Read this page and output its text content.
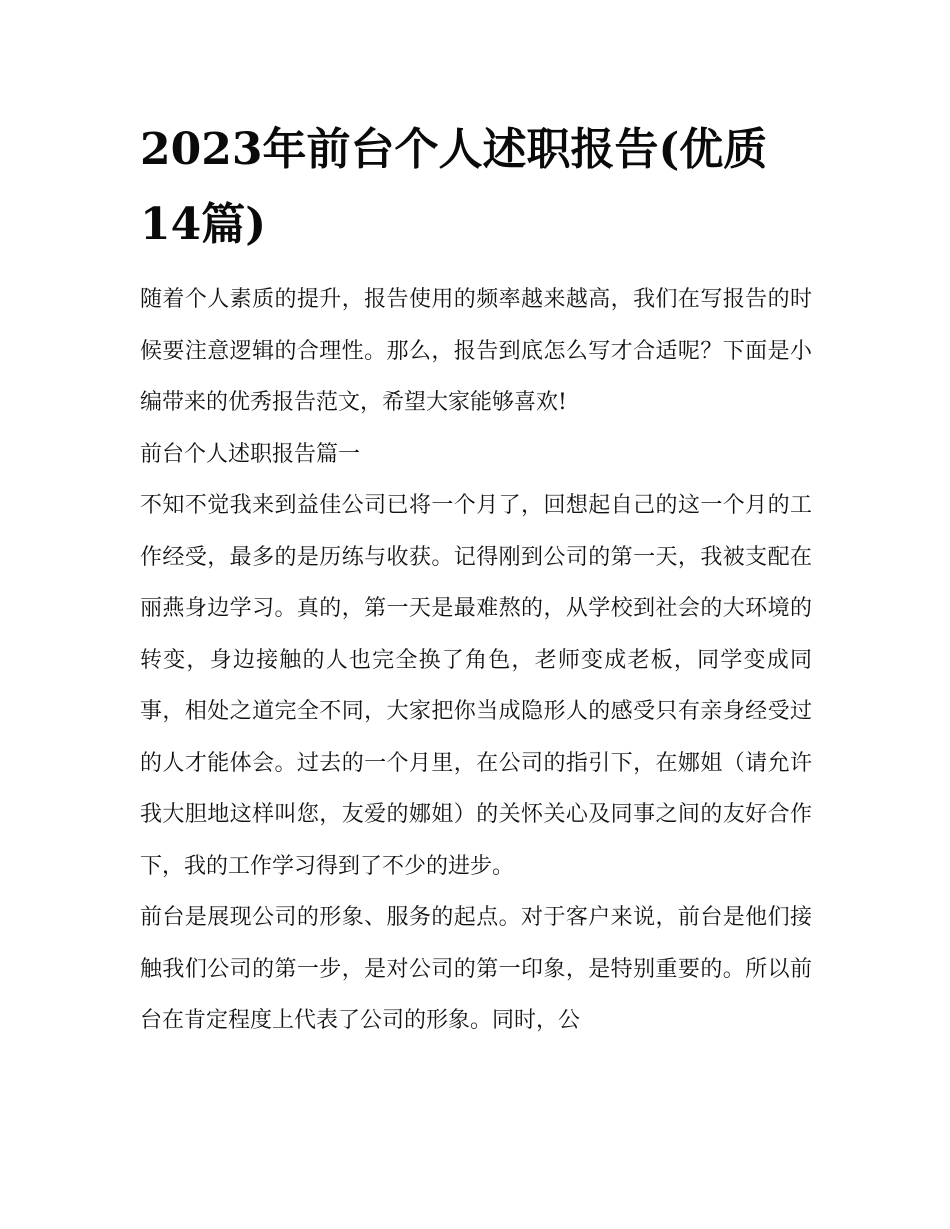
2023年前台个人述职报告(优质14篇)

随着个人素质的提升，报告使用的频率越来越高，我们在写报告的时候要注意逻辑的合理性。那么，报告到底怎么写才合适呢？下面是小编带来的优秀报告范文，希望大家能够喜欢!

前台个人述职报告篇一

不知不觉我来到益佳公司已将一个月了，回想起自己的这一个月的工作经受，最多的是历练与收获。记得刚到公司的第一天，我被支配在丽燕身边学习。真的，第一天是最难熬的，从学校到社会的大环境的转变，身边接触的人也完全换了角色，老师变成老板，同学变成同事，相处之道完全不同，大家把你当成隐形人的感受只有亲身经受过的人才能体会。过去的一个月里，在公司的指引下，在娜姐（请允许我大胆地这样叫您，友爱的娜姐）的关怀关心及同事之间的友好合作下，我的工作学习得到了不少的进步。

前台是展现公司的形象、服务的起点。对于客户来说，前台是他们接触我们公司的第一步，是对公司的第一印象，是特别重要的。所以前台在肯定程度上代表了公司的形象。同时，公
